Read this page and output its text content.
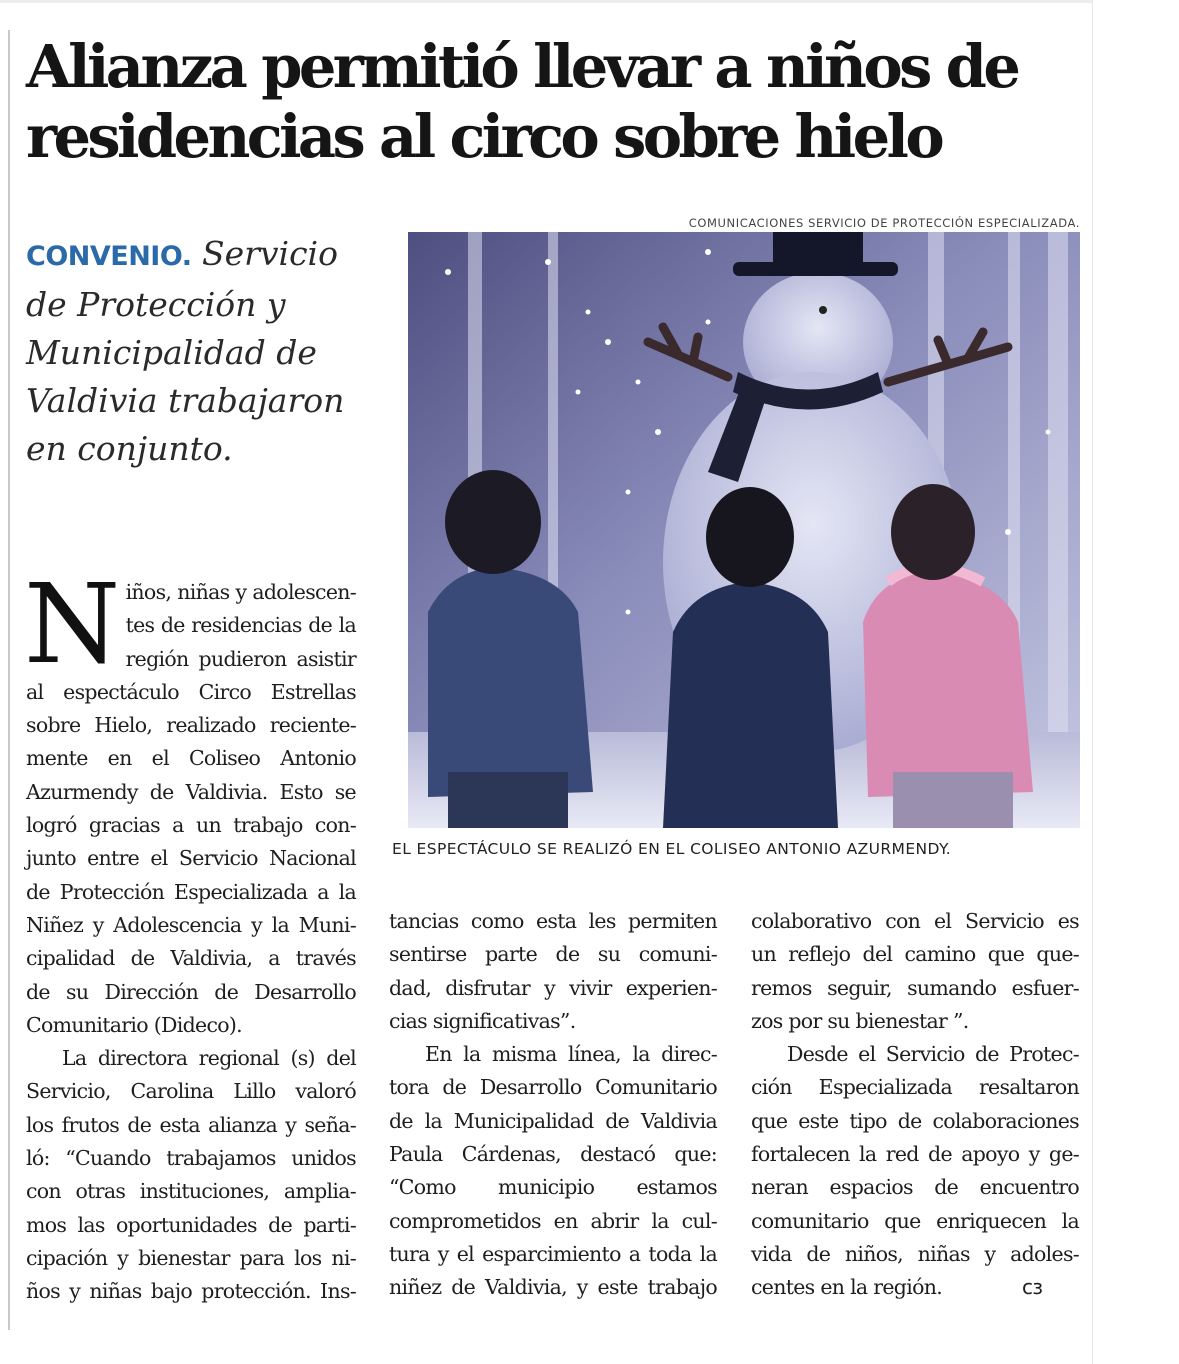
Alianza permitió llevar a niños de
residencias al circo sobre hielo
COMUNICACIONES SERVICIO DE PROTECCIÓN ESPECIALIZADA.
CONVENIO. Servicio de Protección y Municipalidad de Valdivia trabajaron en conjunto.
EL ESPECTÁCULO SE REALIZÓ EN EL COLISEO ANTONIO AZURMENDY.
N iños, niñas y adolescen-
tes de residencias de la
región pudieron asistir
al espectáculo Circo Estrellas
sobre Hielo, realizado reciente-
mente en el Coliseo Antonio
Azurmendy de Valdivia. Esto se
logró gracias a un trabajo con-
junto entre el Servicio Nacional
de Protección Especializada a la
Niñez y Adolescencia y la Muni-
cipalidad de Valdivia, a través
de su Dirección de Desarrollo
Comunitario (Dideco).
La directora regional (s) del
Servicio, Carolina Lillo valoró
los frutos de esta alianza y seña-
ló: “Cuando trabajamos unidos
con otras instituciones, amplia-
mos las oportunidades de parti-
cipación y bienestar para los ni-
ños y niñas bajo protección. Ins-
tancias como esta les permiten
sentirse parte de su comuni-
dad, disfrutar y vivir experien-
cias significativas”.
En la misma línea, la direc-
tora de Desarrollo Comunitario
de la Municipalidad de Valdivia
Paula Cárdenas, destacó que:
“Como municipio estamos
comprometidos en abrir la cul-
tura y el esparcimiento a toda la
niñez de Valdivia, y este trabajo
colaborativo con el Servicio es
un reflejo del camino que que-
remos seguir, sumando esfuer-
zos por su bienestar ”.
Desde el Servicio de Protec-
ción Especializada resaltaron
que este tipo de colaboraciones
fortalecen la red de apoyo y ge-
neran espacios de encuentro
comunitario que enriquecen la
vida de niños, niñas y adoles-
centes en la región.	cз
